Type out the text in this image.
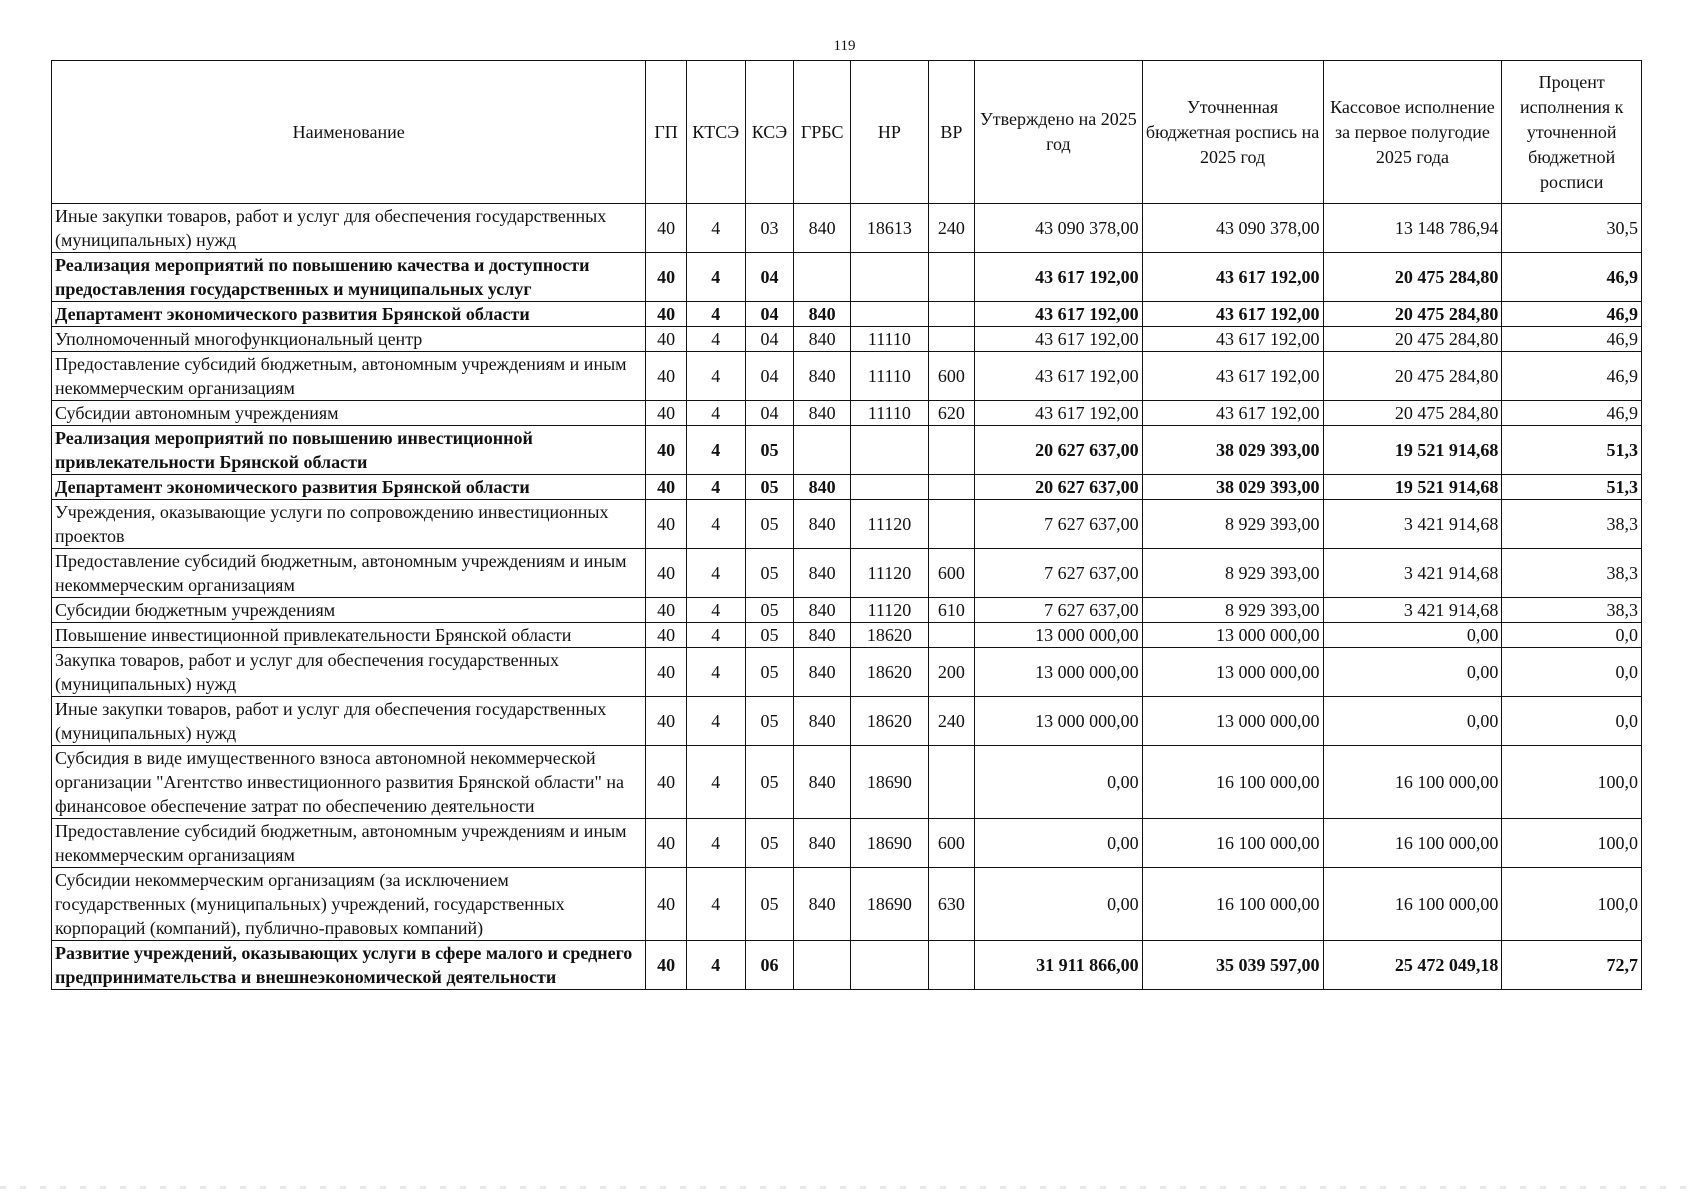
119
Наименование	ГП	КТСЭ	КСЭ	ГРБС	НР	ВР	Утверждено на 2025 год	Уточненная бюджетная роспись на 2025 год	Кассовое исполнение за первое полугодие 2025 года	Процент исполнения к уточненной бюджетной росписи
Иные закупки товаров, работ и услуг для обеспечения государственных (муниципальных) нужд	40	4	03	840	18613	240	43 090 378,00	43 090 378,00	13 148 786,94	30,5
Реализация мероприятий по повышению качества и доступности предоставления государственных и муниципальных услуг	40	4	04				43 617 192,00	43 617 192,00	20 475 284,80	46,9
Департамент экономического развития Брянской области	40	4	04	840			43 617 192,00	43 617 192,00	20 475 284,80	46,9
Уполномоченный многофункциональный центр	40	4	04	840	11110		43 617 192,00	43 617 192,00	20 475 284,80	46,9
Предоставление субсидий бюджетным, автономным учреждениям и иным некоммерческим организациям	40	4	04	840	11110	600	43 617 192,00	43 617 192,00	20 475 284,80	46,9
Субсидии автономным учреждениям	40	4	04	840	11110	620	43 617 192,00	43 617 192,00	20 475 284,80	46,9
Реализация мероприятий по повышению инвестиционной привлекательности Брянской области	40	4	05				20 627 637,00	38 029 393,00	19 521 914,68	51,3
Департамент экономического развития Брянской области	40	4	05	840			20 627 637,00	38 029 393,00	19 521 914,68	51,3
Учреждения, оказывающие услуги по сопровождению инвестиционных проектов	40	4	05	840	11120		7 627 637,00	8 929 393,00	3 421 914,68	38,3
Предоставление субсидий бюджетным, автономным учреждениям и иным некоммерческим организациям	40	4	05	840	11120	600	7 627 637,00	8 929 393,00	3 421 914,68	38,3
Субсидии бюджетным учреждениям	40	4	05	840	11120	610	7 627 637,00	8 929 393,00	3 421 914,68	38,3
Повышение инвестиционной привлекательности Брянской области	40	4	05	840	18620		13 000 000,00	13 000 000,00	0,00	0,0
Закупка товаров, работ и услуг для обеспечения государственных (муниципальных) нужд	40	4	05	840	18620	200	13 000 000,00	13 000 000,00	0,00	0,0
Иные закупки товаров, работ и услуг для обеспечения государственных (муниципальных) нужд	40	4	05	840	18620	240	13 000 000,00	13 000 000,00	0,00	0,0
Субсидия в виде имущественного взноса автономной некоммерческой организации "Агентство инвестиционного развития Брянской области" на финансовое обеспечение затрат по обеспечению деятельности	40	4	05	840	18690		0,00	16 100 000,00	16 100 000,00	100,0
Предоставление субсидий бюджетным, автономным учреждениям и иным некоммерческим организациям	40	4	05	840	18690	600	0,00	16 100 000,00	16 100 000,00	100,0
Субсидии некоммерческим организациям (за исключением государственных (муниципальных) учреждений, государственных корпораций (компаний), публично-правовых компаний)	40	4	05	840	18690	630	0,00	16 100 000,00	16 100 000,00	100,0
Развитие учреждений, оказывающих услуги в сфере малого и среднего предпринимательства и внешнеэкономической деятельности	40	4	06				31 911 866,00	35 039 597,00	25 472 049,18	72,7
